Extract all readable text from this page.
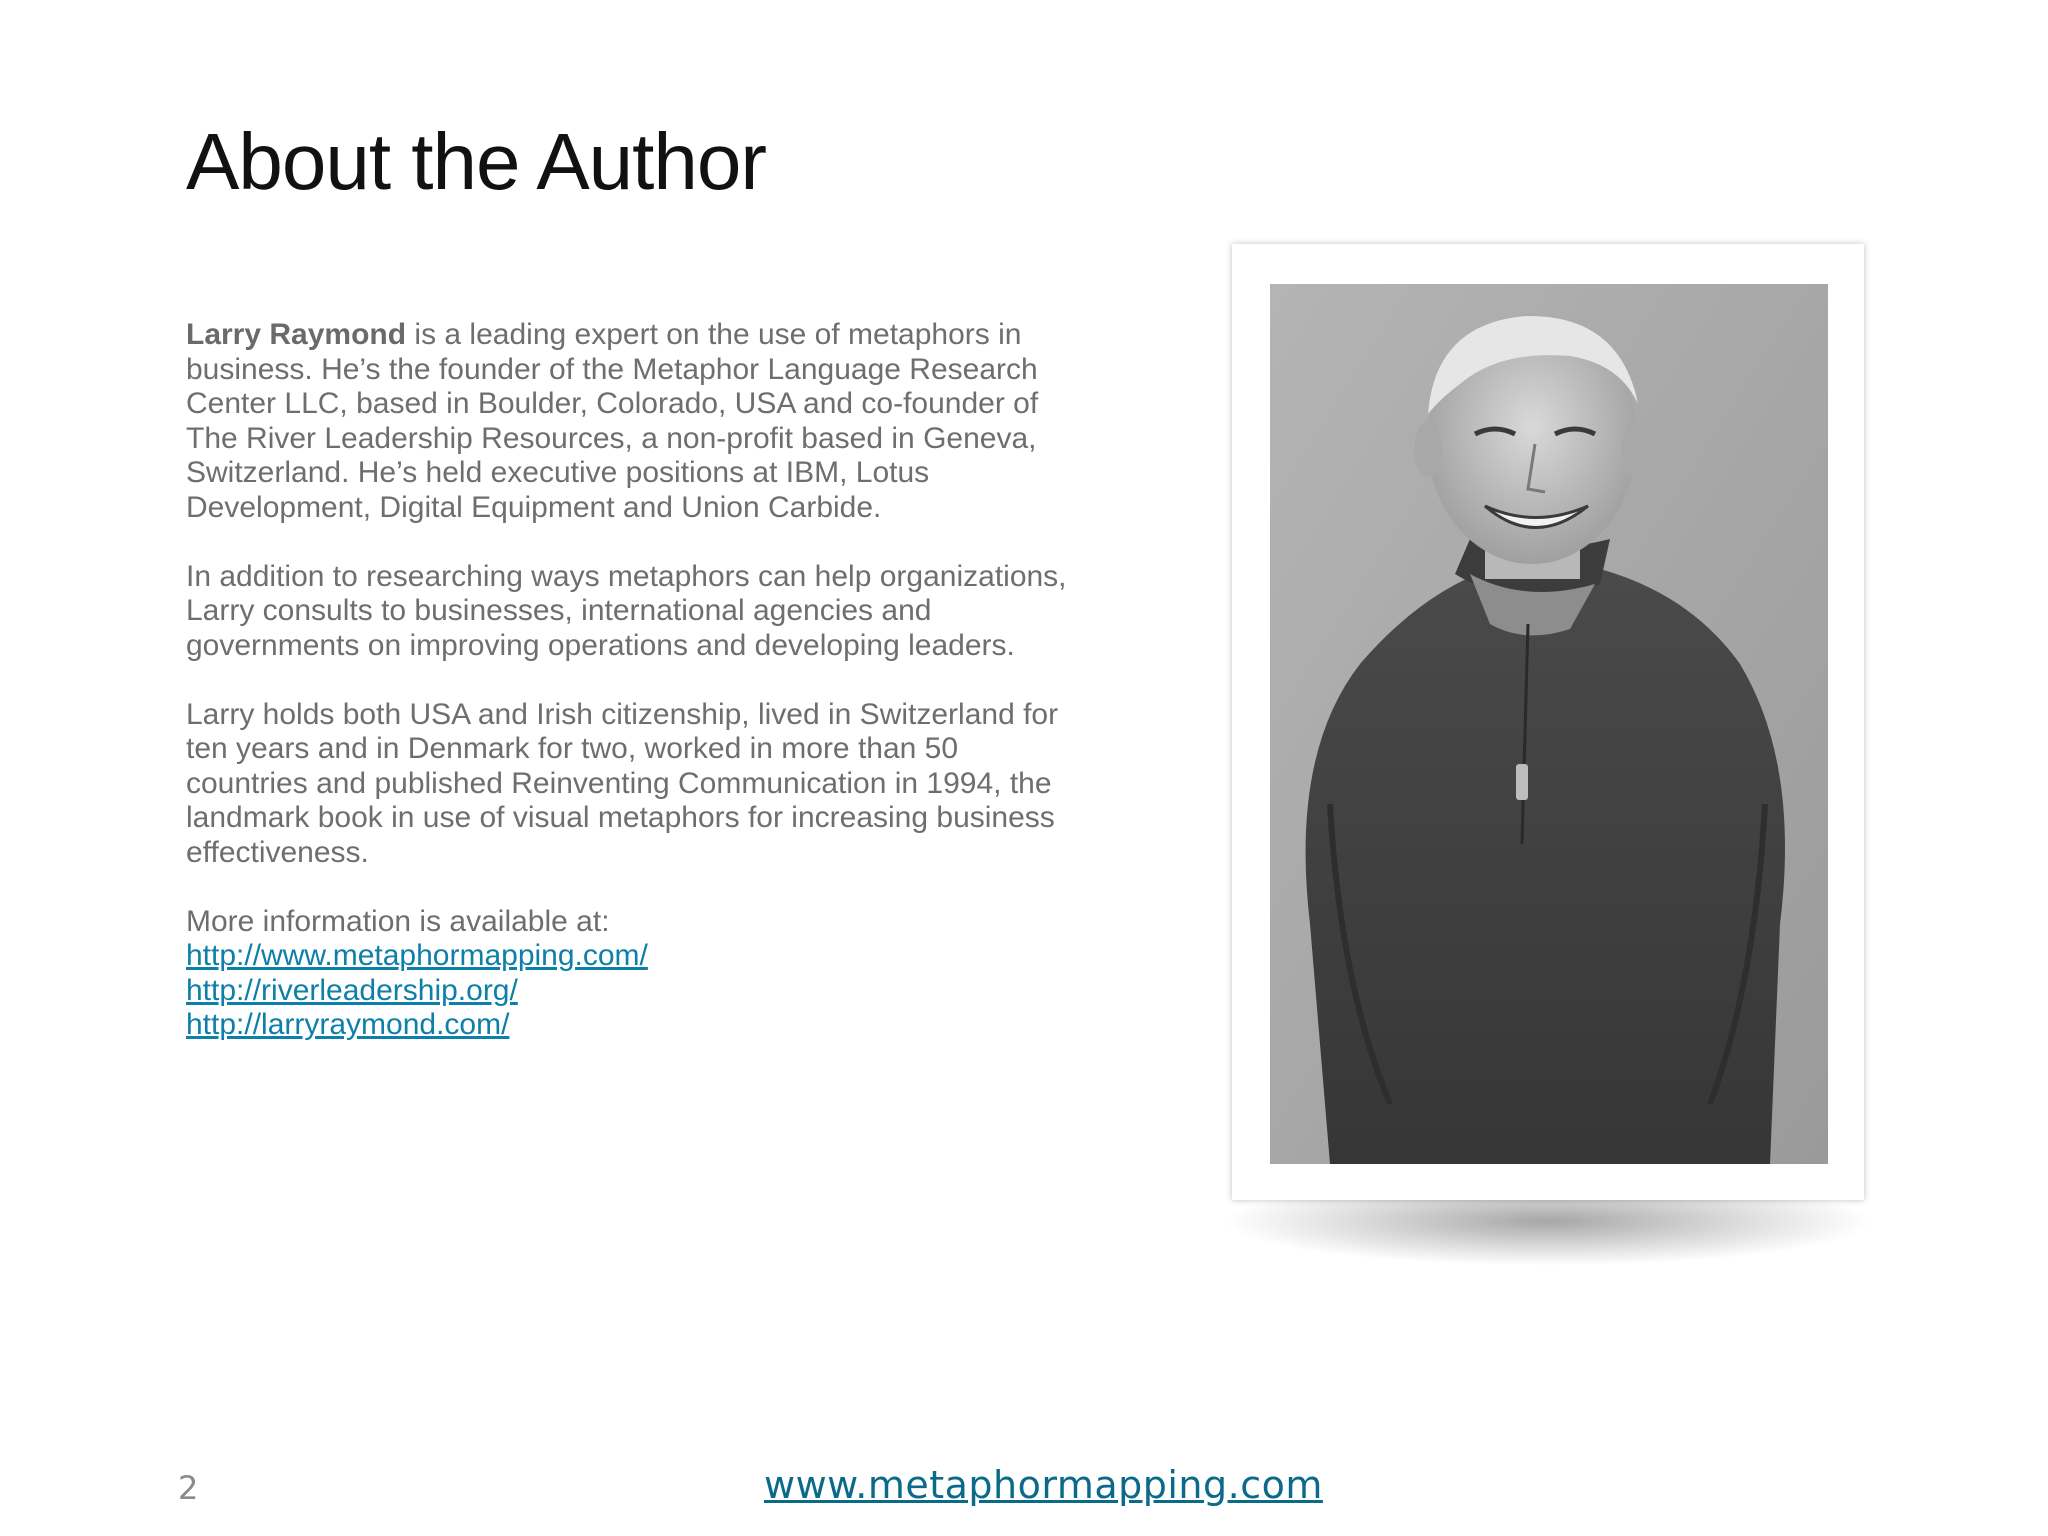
About the Author

Larry Raymond is a leading expert on the use of metaphors in business. He’s the founder of the Metaphor Language Research Center LLC, based in Boulder, Colorado, USA and co-founder of The River Leadership Resources, a non-profit based in Geneva, Switzerland. He’s held executive positions at IBM, Lotus Development, Digital Equipment and Union Carbide.

In addition to researching ways metaphors can help organizations, Larry consults to businesses, international agencies and governments on improving operations and developing leaders.

Larry holds both USA and Irish citizenship, lived in Switzerland for ten years and in Denmark for two, worked in more than 50 countries and published Reinventing Communication in 1994, the landmark book in use of visual metaphors for increasing business effectiveness.

More information is available at:
http://www.metaphormapping.com/
http://riverleadership.org/
http://larryraymond.com/

2	www.metaphormapping.com
